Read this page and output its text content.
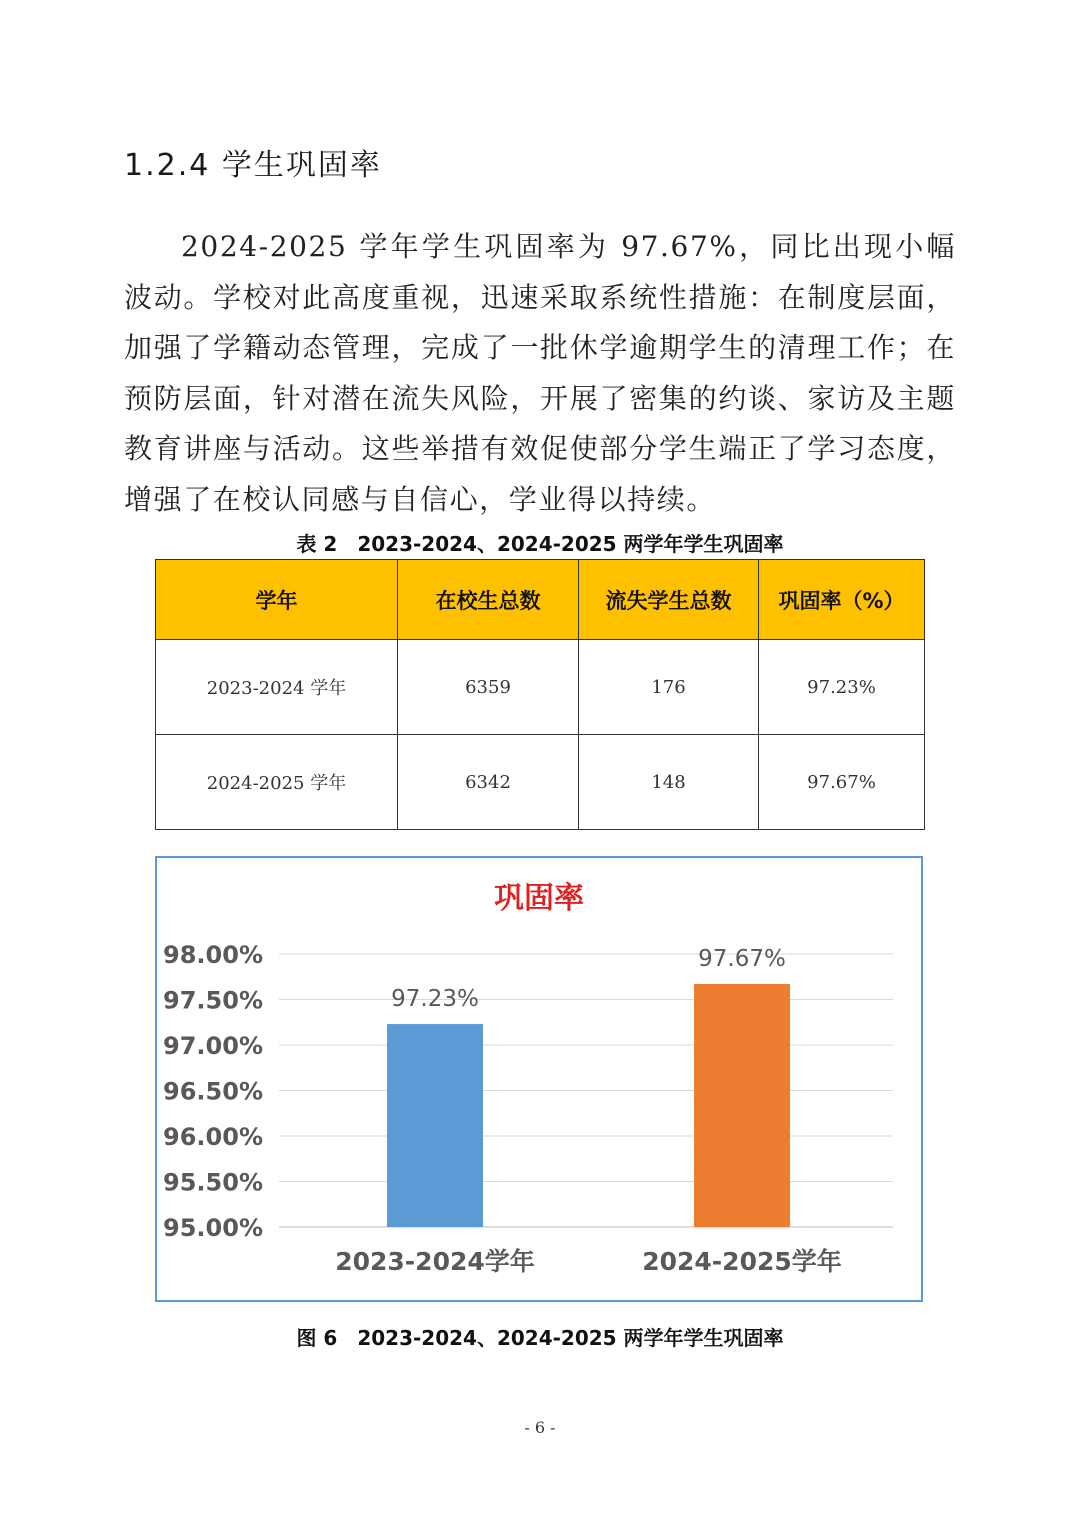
1.2.4 学生巩固率

2024-2025 学年学生巩固率为 97.67%，同比出现小幅波动。学校对此高度重视，迅速采取系统性措施：在制度层面，加强了学籍动态管理，完成了一批休学逾期学生的清理工作；在预防层面，针对潜在流失风险，开展了密集的约谈、家访及主题教育讲座与活动。这些举措有效促使部分学生端正了学习态度，增强了在校认同感与自信心，学业得以持续。

表 2　2023-2024、2024-2025 两学年学生巩固率
学年	在校生总数	流失学生总数	巩固率（%）
2023-2024 学年	6359	176	97.23%
2024-2025 学年	6342	148	97.67%
巩固率
95.00%
95.50%
96.00%
96.50%
97.00%
97.50%
98.00%
97.23%
2023-2024学年
97.67%
2024-2025学年
图 6　2023-2024、2024-2025 两学年学生巩固率
- 6 -
